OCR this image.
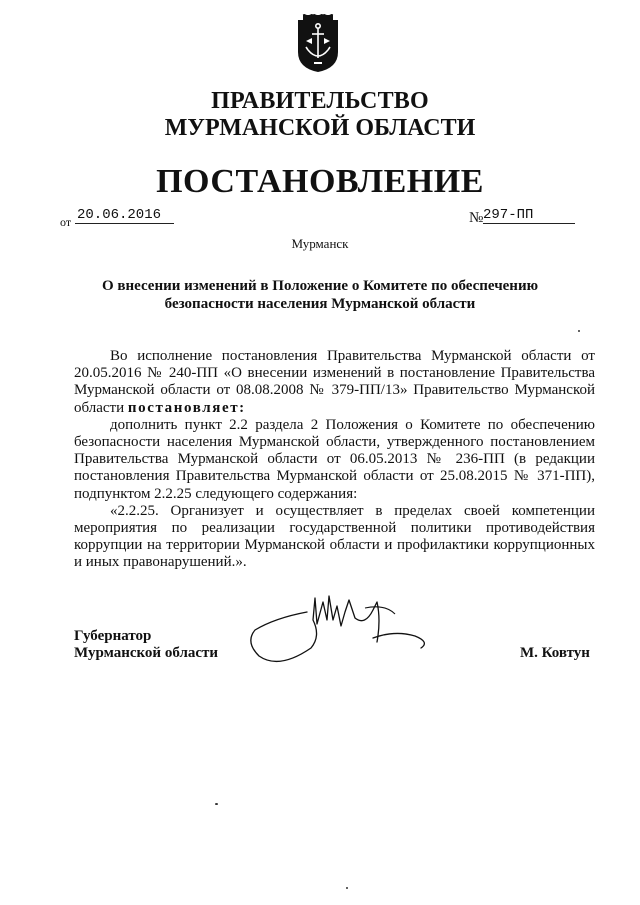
ПРАВИТЕЛЬСТВО
МУРМАНСКОЙ ОБЛАСТИ
ПОСТАНОВЛЕНИЕ
от 20.06.2016	№ 297-ПП
Мурманск
О внесении изменений в Положение о Комитете по обеспечению
безопасности населения Мурманской области

Во исполнение постановления Правительства Мурманской области от 20.05.2016 № 240-ПП «О внесении изменений в постановление Правительства Мурманской области от 08.08.2008 № 379-ПП/13» Правительство Мурманской области постановляет:

дополнить пункт 2.2 раздела 2 Положения о Комитете по обеспечению безопасности населения Мурманской области, утвержденного постановлением Правительства Мурманской области от 06.05.2013 № 236-ПП (в редакции постановления Правительства Мурманской области от 25.08.2015 № 371-ПП), подпунктом 2.2.25 следующего содержания:

«2.2.25. Организует и осуществляет в пределах своей компетенции мероприятия по реализации государственной политики противодействия коррупции на территории Мурманской области и профилактики коррупционных и иных правонарушений.».

Губернатор
Мурманской области	М. Ковтун
